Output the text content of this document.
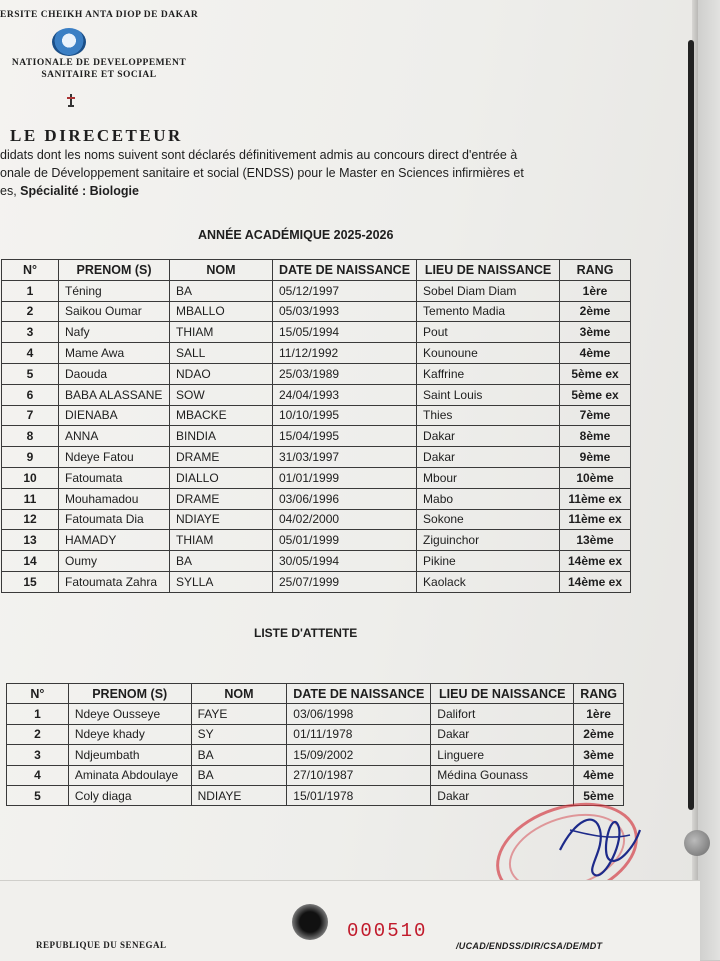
ERSITE CHEIKH ANTA DIOP DE DAKAR
NATIONALE DE DEVELOPPEMENT
SANITAIRE ET SOCIAL
LE DIRECETEUR
didats dont les noms suivent sont déclarés définitivement admis au concours direct d'entrée à
onale de Développement sanitaire et social (ENDSS) pour le Master en Sciences infirmières et
es, Spécialité : Biologie
ANNÉE ACADÉMIQUE 2025-2026
N°	PRENOM (S)	NOM	DATE DE NAISSANCE	LIEU DE NAISSANCE	RANG
1	Téning	BA	05/12/1997	Sobel Diam Diam	1ère
2	Saikou Oumar	MBALLO	05/03/1993	Temento Madia	2ème
3	Nafy	THIAM	15/05/1994	Pout	3ème
4	Mame Awa	SALL	11/12/1992	Kounoune	4ème
5	Daouda	NDAO	25/03/1989	Kaffrine	5ème ex
6	BABA ALASSANE	SOW	24/04/1993	Saint Louis	5ème ex
7	DIENABA	MBACKE	10/10/1995	Thies	7ème
8	ANNA	BINDIA	15/04/1995	Dakar	8ème
9	Ndeye Fatou	DRAME	31/03/1997	Dakar	9ème
10	Fatoumata	DIALLO	01/01/1999	Mbour	10ème
11	Mouhamadou	DRAME	03/06/1996	Mabo	11ème ex
12	Fatoumata Dia	NDIAYE	04/02/2000	Sokone	11ème ex
13	HAMADY	THIAM	05/01/1999	Ziguinchor	13ème
14	Oumy	BA	30/05/1994	Pikine	14ème ex
15	Fatoumata Zahra	SYLLA	25/07/1999	Kaolack	14ème ex
LISTE D'ATTENTE
N°	PRENOM (S)	NOM	DATE DE NAISSANCE	LIEU DE NAISSANCE	RANG
1	Ndeye Ousseye	FAYE	03/06/1998	Dalifort	1ère
2	Ndeye khady	SY	01/11/1978	Dakar	2ème
3	Ndjeumbath	BA	15/09/2002	Linguere	3ème
4	Aminata Abdoulaye	BA	27/10/1987	Médina Gounass	4ème
5	Coly diaga	NDIAYE	15/01/1978	Dakar	5ème
REPUBLIQUE DU SENEGAL
000510
/UCAD/ENDSS/DIR/CSA/DE/MDT
